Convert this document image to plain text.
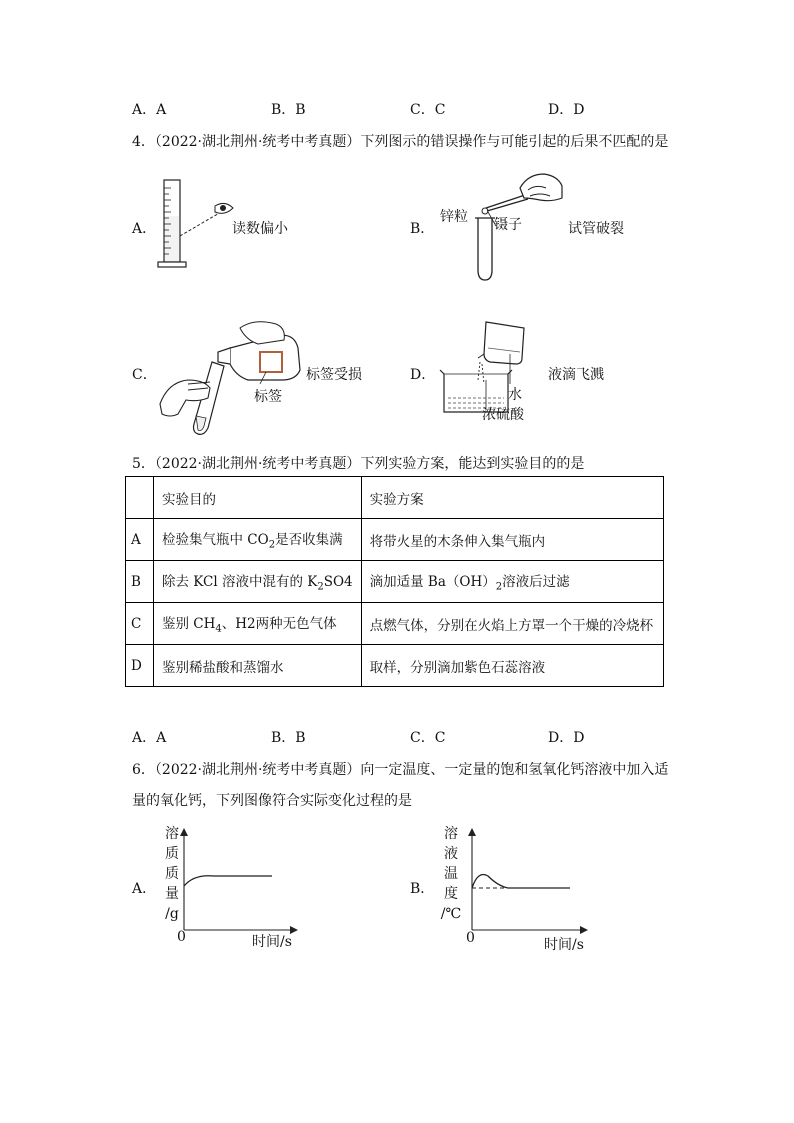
A．A	B．B	C．C	D．D
4．（2022·湖北荆州·统考中考真题）下列图示的错误操作与可能引起的后果不匹配的是
A．	读数偏小	B．
锌粒 镊子	试管破裂
C．
标签
标签受损	D．
水
浓硫酸
液滴飞溅
5．（2022·湖北荆州·统考中考真题）下列实验方案，能达到实验目的的是
	实验目的	实验方案
A	检验集气瓶中 $CO_2$是否收集满	将带火星的木条伸入集气瓶内
B	除去 KCl 溶液中混有的 $K_2SO4$	滴加适量 $Ba(OH)_2$溶液后过滤
C	鉴别 $CH_4$、H2两种无色气体	点燃气体，分别在火焰上方罩一个干燥的冷烧杯
D	鉴别稀盐酸和蒸馏水	取样，分别滴加紫色石蕊溶液
A．A	B．B	C．C	D．D
6．（2022·湖北荆州·统考中考真题）向一定温度、一定量的饱和氢氧化钙溶液中加入适
量的氧化钙，下列图像符合实际变化过程的是
A．
溶
质
质
量
/g
0	时间/s
B．
溶
液
温
度
/℃
0	时间/s
